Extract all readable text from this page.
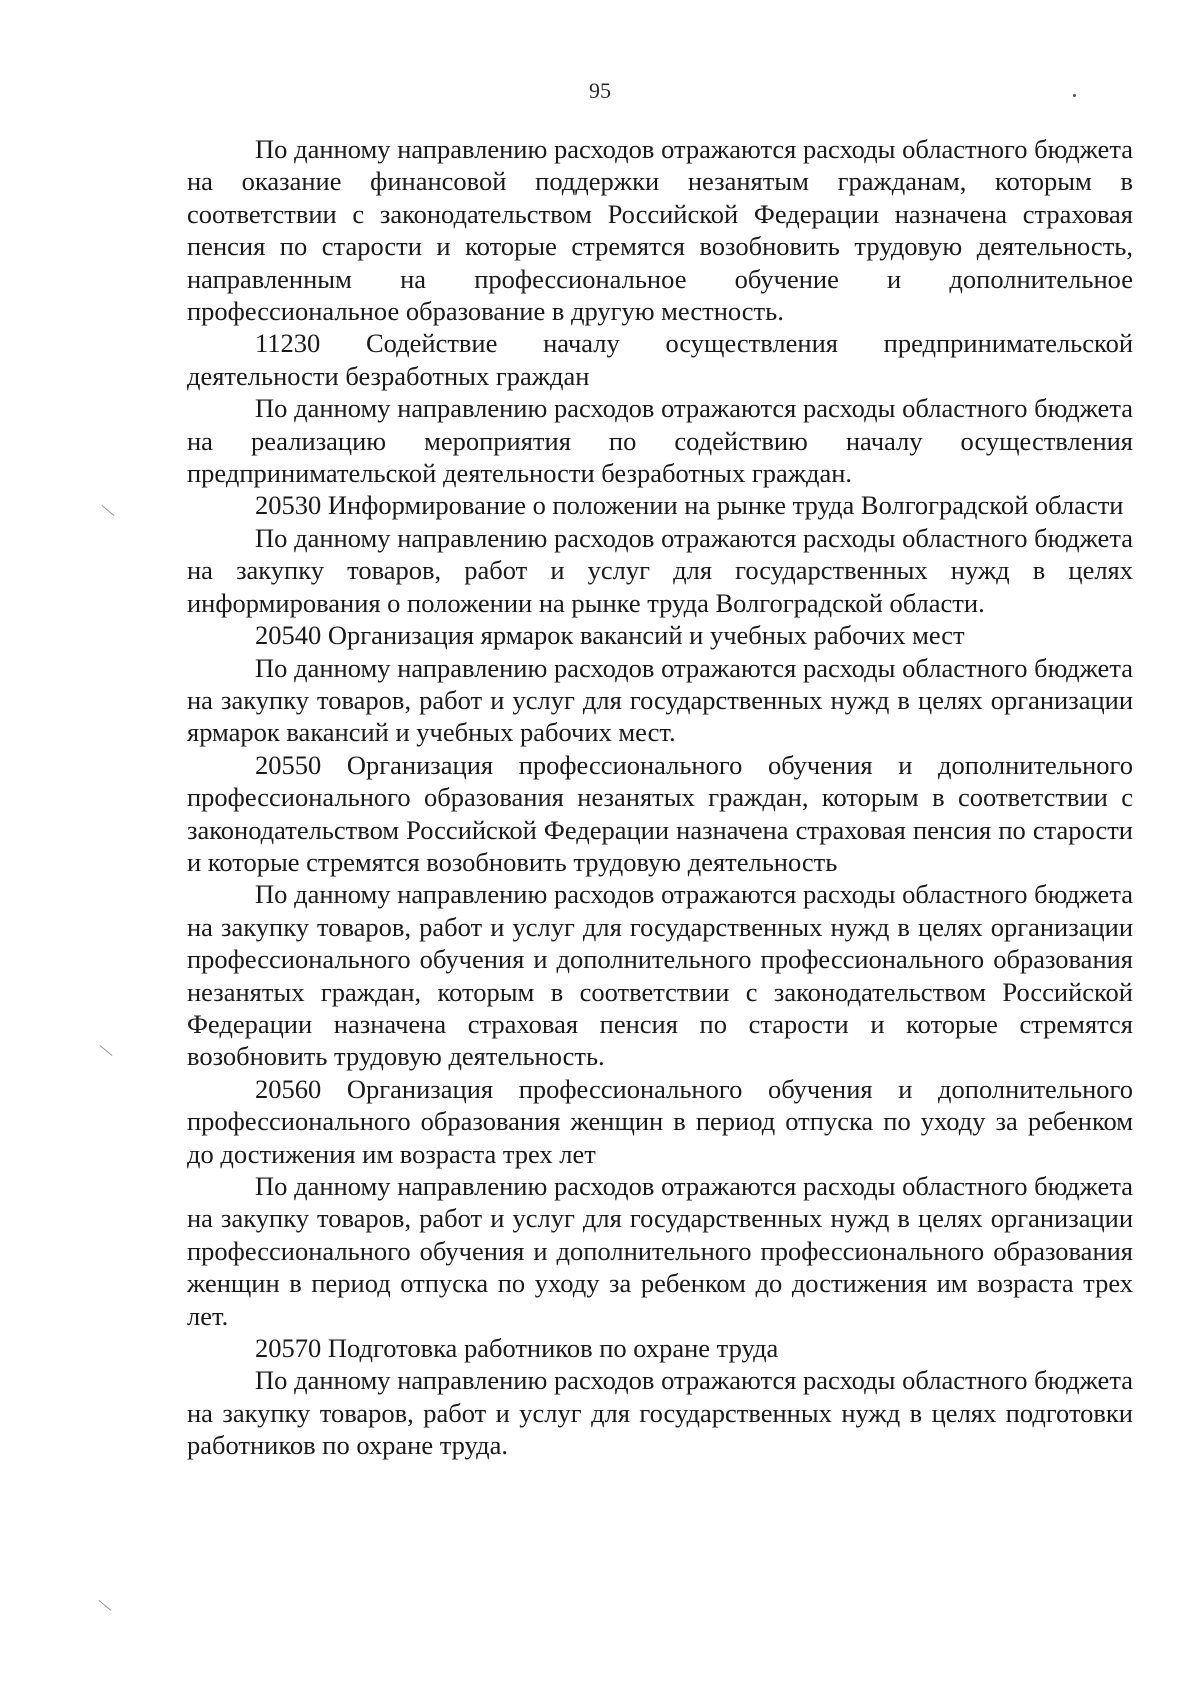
95

По данному направлению расходов отражаются расходы областного бюджета на оказание финансовой поддержки незанятым гражданам, которым в соответствии с законодательством Российской Федерации назначена страховая пенсия по старости и которые стремятся возобновить трудовую деятельность, направленным на профессиональное обучение и дополнительное профессиональное образование в другую местность.

11230 Содействие началу осуществления предпринимательской деятельности безработных граждан

По данному направлению расходов отражаются расходы областного бюджета на реализацию мероприятия по содействию началу осуществления предпринимательской деятельности безработных граждан.

20530 Информирование о положении на рынке труда Волгоградской области

По данному направлению расходов отражаются расходы областного бюджета на закупку товаров, работ и услуг для государственных нужд в целях информирования о положении на рынке труда Волгоградской области.

20540 Организация ярмарок вакансий и учебных рабочих мест

По данному направлению расходов отражаются расходы областного бюджета на закупку товаров, работ и услуг для государственных нужд в целях организации ярмарок вакансий и учебных рабочих мест.

20550 Организация профессионального обучения и дополнительного профессионального образования незанятых граждан, которым в соответствии с законодательством Российской Федерации назначена страховая пенсия по старости и которые стремятся возобновить трудовую деятельность

По данному направлению расходов отражаются расходы областного бюджета на закупку товаров, работ и услуг для государственных нужд в целях организации профессионального обучения и дополнительного профессионального образования незанятых граждан, которым в соответствии с законодательством Российской Федерации назначена страховая пенсия по старости и которые стремятся возобновить трудовую деятельность.

20560 Организация профессионального обучения и дополнительного профессионального образования женщин в период отпуска по уходу за ребенком до достижения им возраста трех лет

По данному направлению расходов отражаются расходы областного бюджета на закупку товаров, работ и услуг для государственных нужд в целях организации профессионального обучения и дополнительного профессионального образования женщин в период отпуска по уходу за ребенком до достижения им возраста трех лет.

20570 Подготовка работников по охране труда

По данному направлению расходов отражаются расходы областного бюджета на закупку товаров, работ и услуг для государственных нужд в целях подготовки работников по охране труда.
